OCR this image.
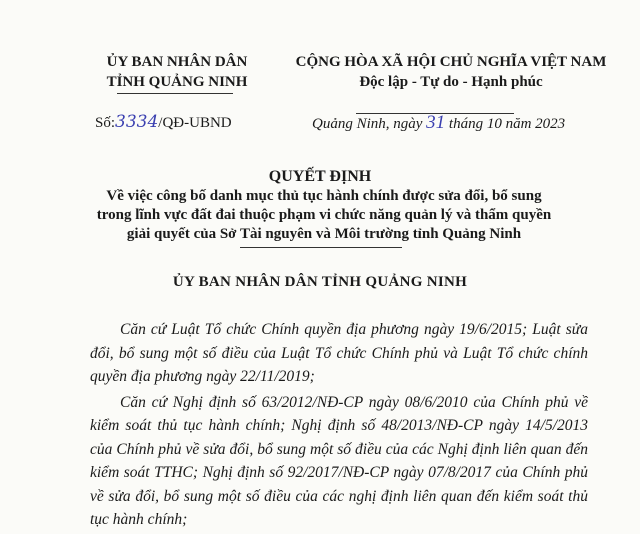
ỦY BAN NHÂN DÂN
TỈNH QUẢNG NINH
CỘNG HÒA XÃ HỘI CHỦ NGHĨA VIỆT NAM
Độc lập - Tự do - Hạnh phúc
Số:3334/QĐ-UBND	Quảng Ninh, ngày 31 tháng 10 năm 2023
QUYẾT ĐỊNH
Về việc công bố danh mục thủ tục hành chính được sửa đổi, bổ sung
trong lĩnh vực đất đai thuộc phạm vi chức năng quản lý và thẩm quyền
giải quyết của Sở Tài nguyên và Môi trường tỉnh Quảng Ninh
ỦY BAN NHÂN DÂN TỈNH QUẢNG NINH

Căn cứ Luật Tổ chức Chính quyền địa phương ngày 19/6/2015; Luật sửa đổi, bổ sung một số điều của Luật Tổ chức Chính phủ và Luật Tổ chức chính quyền địa phương ngày 22/11/2019;

Căn cứ Nghị định số 63/2012/NĐ-CP ngày 08/6/2010 của Chính phủ về kiểm soát thủ tục hành chính; Nghị định số 48/2013/NĐ-CP ngày 14/5/2013 của Chính phủ về sửa đổi, bổ sung một số điều của các Nghị định liên quan đến kiểm soát TTHC; Nghị định số 92/2017/NĐ-CP ngày 07/8/2017 của Chính phủ về sửa đổi, bổ sung một số điều của các nghị định liên quan đến kiểm soát thủ tục hành chính;
